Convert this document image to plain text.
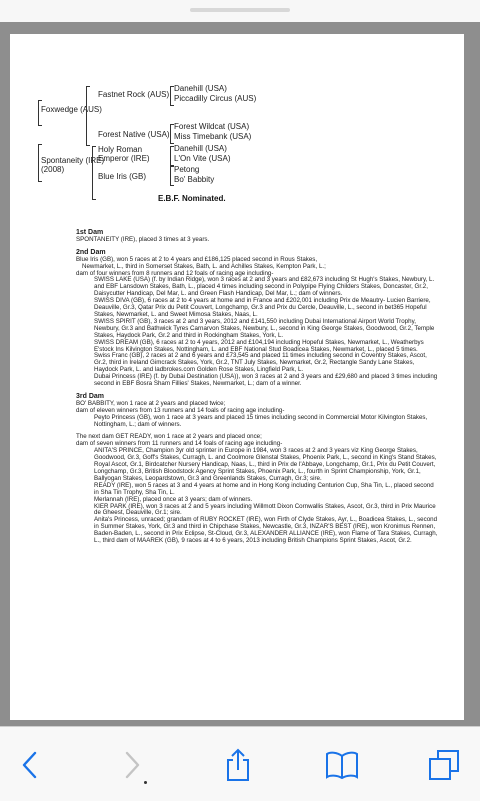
Foxwedge (AUS)
Fastnet Rock (AUS)
Forest Native (USA)
Danehill (USA)
Piccadilly Circus (AUS)
Forest Wildcat (USA)
Miss Timebank (USA)
Spontaneity (IRE)
(2008)
Holy Roman
Emperor (IRE)
Blue Iris (GB)
Danehill (USA)
L'On Vite (USA)
Petong
Bo' Babbity
E.B.F. Nominated.

1st Dam

SPONTANEITY (IRE), placed 3 times at 3 years.

2nd Dam

Blue Iris (GB), won 5 races at 2 to 4 years and £186,125 placed second in Rous Stakes,

Newmarket, L., third in Somerset Stakes, Bath, L. and Achilles Stakes, Kempton Park, L.;

dam of four winners from 8 runners and 12 foals of racing age including-

SWISS LAKE (USA) (f. by Indian Ridge), won 3 races at 2 and 3 years and £82,673 including St Hugh's Stakes, Newbury, L. and EBF Lansdown Stakes, Bath, L., placed 4 times including second in Polypipe Flying Childers Stakes, Doncaster, Gr.2, Daisycutter Handicap, Del Mar, L. and Green Flash Handicap, Del Mar, L.; dam of winners.

SWISS DIVA (GB), 6 races at 2 to 4 years at home and in France and £202,001 including Prix de Meautry- Lucien Barriere, Deauville, Gr.3, Qatar Prix du Petit Couvert, Longchamp, Gr.3 and Prix du Cercle, Deauville, L., second in bet365 Hopeful Stakes, Newmarket, L. and Sweet Mimosa Stakes, Naas, L.

SWISS SPIRIT (GB), 3 races at 2 and 3 years, 2012 and £141,550 including Dubai International Airport World Trophy, Newbury, Gr.3 and Bathwick Tyres Carnarvon Stakes, Newbury, L., second in King George Stakes, Goodwood, Gr.2, Temple Stakes, Haydock Park, Gr.2 and third in Rockingham Stakes, York, L.

SWISS DREAM (GB), 6 races at 2 to 4 years, 2012 and £104,194 including Hopeful Stakes, Newmarket, L., Weatherbys E'stock Ins Kilvington Stakes, Nottingham, L. and EBF National Stud Boadicea Stakes, Newmarket, L., placed 5 times.

Swiss Franc (GB), 2 races at 2 and 6 years and £73,545 and placed 11 times including second in Coventry Stakes, Ascot, Gr.2, third in Ireland Gimcrack Stakes, York, Gr.2, TNT July Stakes, Newmarket, Gr.2, Rectangle Sandy Lane Stakes, Haydock Park, L. and ladbrokes.com Golden Rose Stakes, Lingfield Park, L.

Dubai Princess (IRE) (f. by Dubai Destination (USA)), won 3 races at 2 and 3 years and £29,680 and placed 3 times including second in EBF Bosra Sham Fillies' Stakes, Newmarket, L.; dam of a winner.

3rd Dam

BO' BABBITY, won 1 race at 2 years and placed twice;

dam of eleven winners from 13 runners and 14 foals of racing age including-

Peyto Princess (GB), won 1 race at 3 years and placed 15 times including second in Commercial Motor Kilvington Stakes, Nottingham, L.; dam of winners.

The next dam GET READY, won 1 race at 2 years and placed once;

dam of seven winners from 11 runners and 14 foals of racing age including-

ANITA'S PRINCE, Champion 3yr old sprinter in Europe in 1984, won 3 races at 2 and 3 years viz King George Stakes, Goodwood, Gr.3, Goff's Stakes, Curragh, L. and Coolmore Glenstal Stakes, Phoenix Park, L., second in King's Stand Stakes, Royal Ascot, Gr.1, Birdcatcher Nursery Handicap, Naas, L., third in Prix de l'Abbaye, Longchamp, Gr.1, Prix du Petit Couvert, Longchamp, Gr.3, British Bloodstock Agency Sprint Stakes, Phoenix Park, L., fourth in Sprint Championship, York, Gr.1, Ballyogan Stakes, Leopardstown, Gr.3 and Greenlands Stakes, Curragh, Gr.3; sire.

READY (IRE), won 5 races at 3 and 4 years at home and in Hong Kong including Centurion Cup, Sha Tin, L., placed second in Sha Tin Trophy, Sha Tin, L.

Merlannah (IRE), placed once at 3 years; dam of winners.

KIER PARK (IRE), won 3 races at 2 and 5 years including Willmott Dixon Cornwallis Stakes, Ascot, Gr.3, third in Prix Maurice de Gheest, Deauville, Gr.1; sire.

Anita's Princess, unraced; grandam of RUBY ROCKET (IRE), won Firth of Clyde Stakes, Ayr, L., Boadicea Stakes, L., second in Summer Stakes, York, Gr.3 and third in Chipchase Stakes, Newcastle, Gr.3, INZAR'S BEST (IRE), won Kronimus Rennen, Baden-Baden, L., second in Prix Eclipse, St-Cloud, Gr.3, ALEXANDER ALLIANCE (IRE), won Flame of Tara Stakes, Curragh, L., third dam of MAAREK (GB), 9 races at 4 to 6 years, 2013 including British Champions Sprint Stakes, Ascot, Gr.2.
